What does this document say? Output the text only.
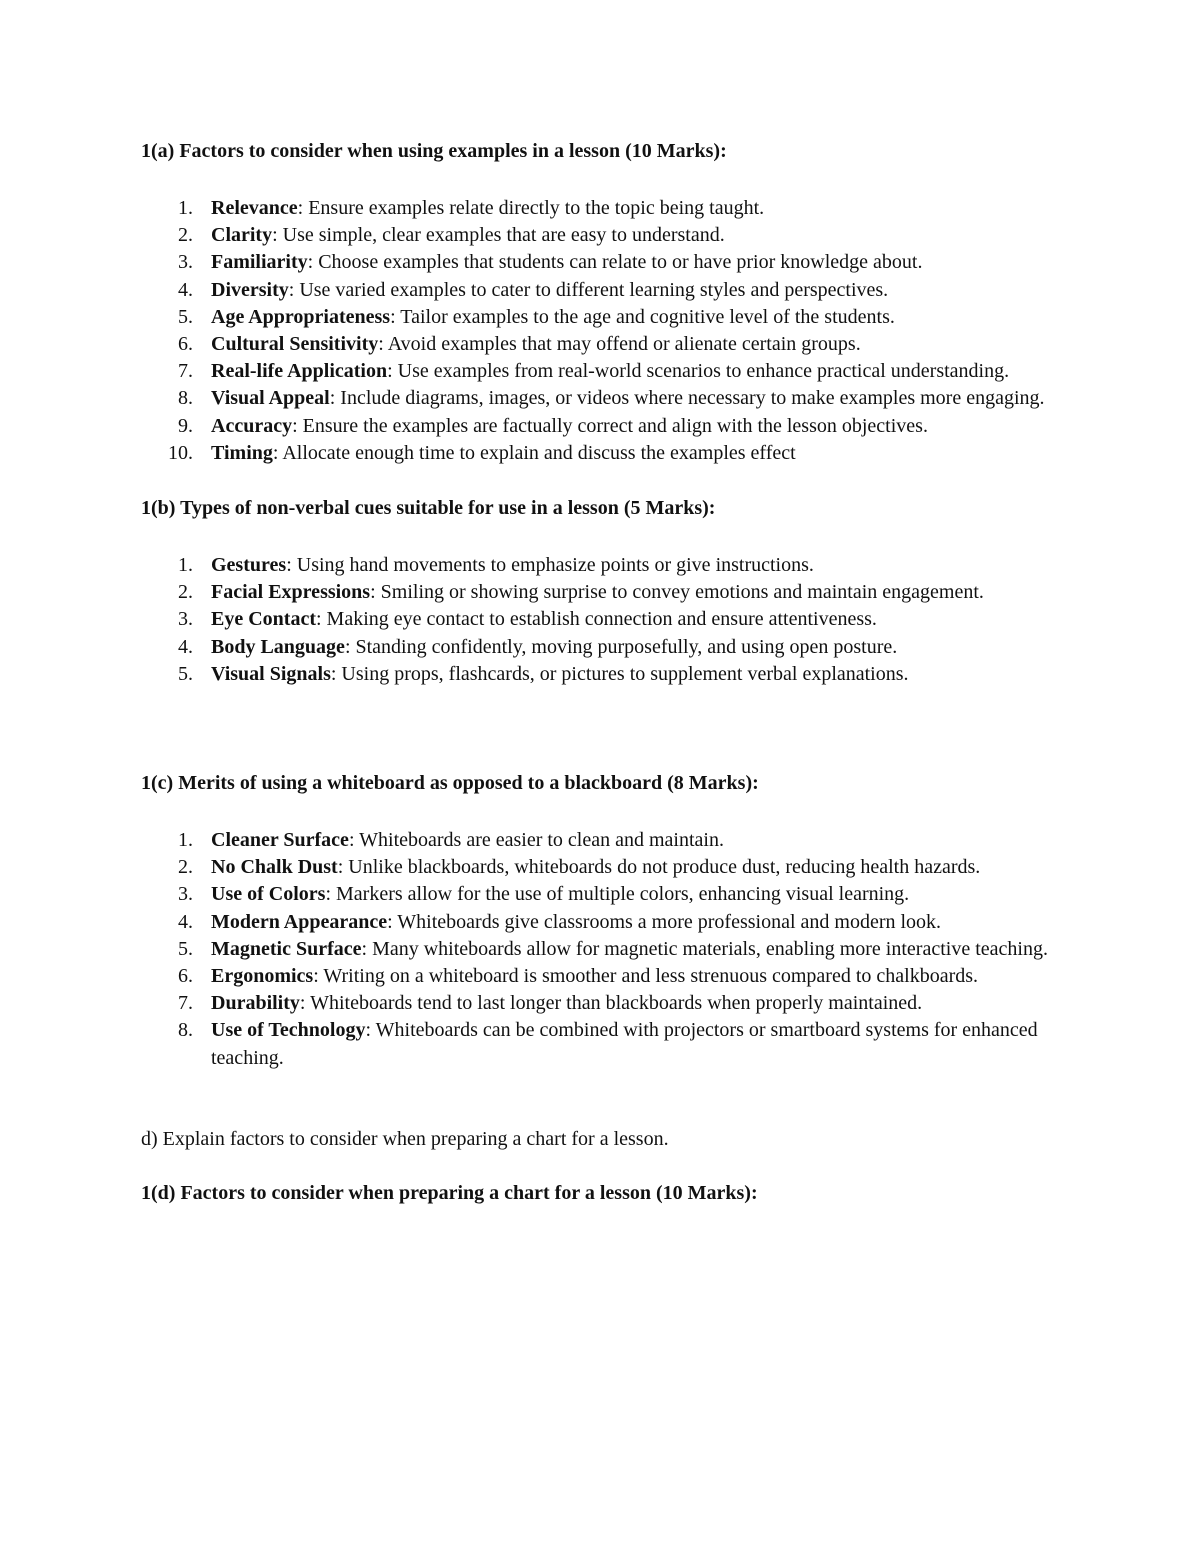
1(a) Factors to consider when using examples in a lesson (10 Marks):

1. Relevance: Ensure examples relate directly to the topic being taught.
2. Clarity: Use simple, clear examples that are easy to understand.
3. Familiarity: Choose examples that students can relate to or have prior knowledge about.
4. Diversity: Use varied examples to cater to different learning styles and perspectives.
5. Age Appropriateness: Tailor examples to the age and cognitive level of the students.
6. Cultural Sensitivity: Avoid examples that may offend or alienate certain groups.
7. Real-life Application: Use examples from real-world scenarios to enhance practical understanding.
8. Visual Appeal: Include diagrams, images, or videos where necessary to make examples more engaging.
9. Accuracy: Ensure the examples are factually correct and align with the lesson objectives.
10. Timing: Allocate enough time to explain and discuss the examples effect

1(b) Types of non-verbal cues suitable for use in a lesson (5 Marks):

1. Gestures: Using hand movements to emphasize points or give instructions.
2. Facial Expressions: Smiling or showing surprise to convey emotions and maintain engagement.
3. Eye Contact: Making eye contact to establish connection and ensure attentiveness.
4. Body Language: Standing confidently, moving purposefully, and using open posture.
5. Visual Signals: Using props, flashcards, or pictures to supplement verbal explanations.

1(c) Merits of using a whiteboard as opposed to a blackboard (8 Marks):

1. Cleaner Surface: Whiteboards are easier to clean and maintain.
2. No Chalk Dust: Unlike blackboards, whiteboards do not produce dust, reducing health hazards.
3. Use of Colors: Markers allow for the use of multiple colors, enhancing visual learning.
4. Modern Appearance: Whiteboards give classrooms a more professional and modern look.
5. Magnetic Surface: Many whiteboards allow for magnetic materials, enabling more interactive teaching.
6. Ergonomics: Writing on a whiteboard is smoother and less strenuous compared to chalkboards.
7. Durability: Whiteboards tend to last longer than blackboards when properly maintained.
8. Use of Technology: Whiteboards can be combined with projectors or smartboard systems for enhanced teaching.

d) Explain factors to consider when preparing a chart for a lesson.

1(d) Factors to consider when preparing a chart for a lesson (10 Marks):
